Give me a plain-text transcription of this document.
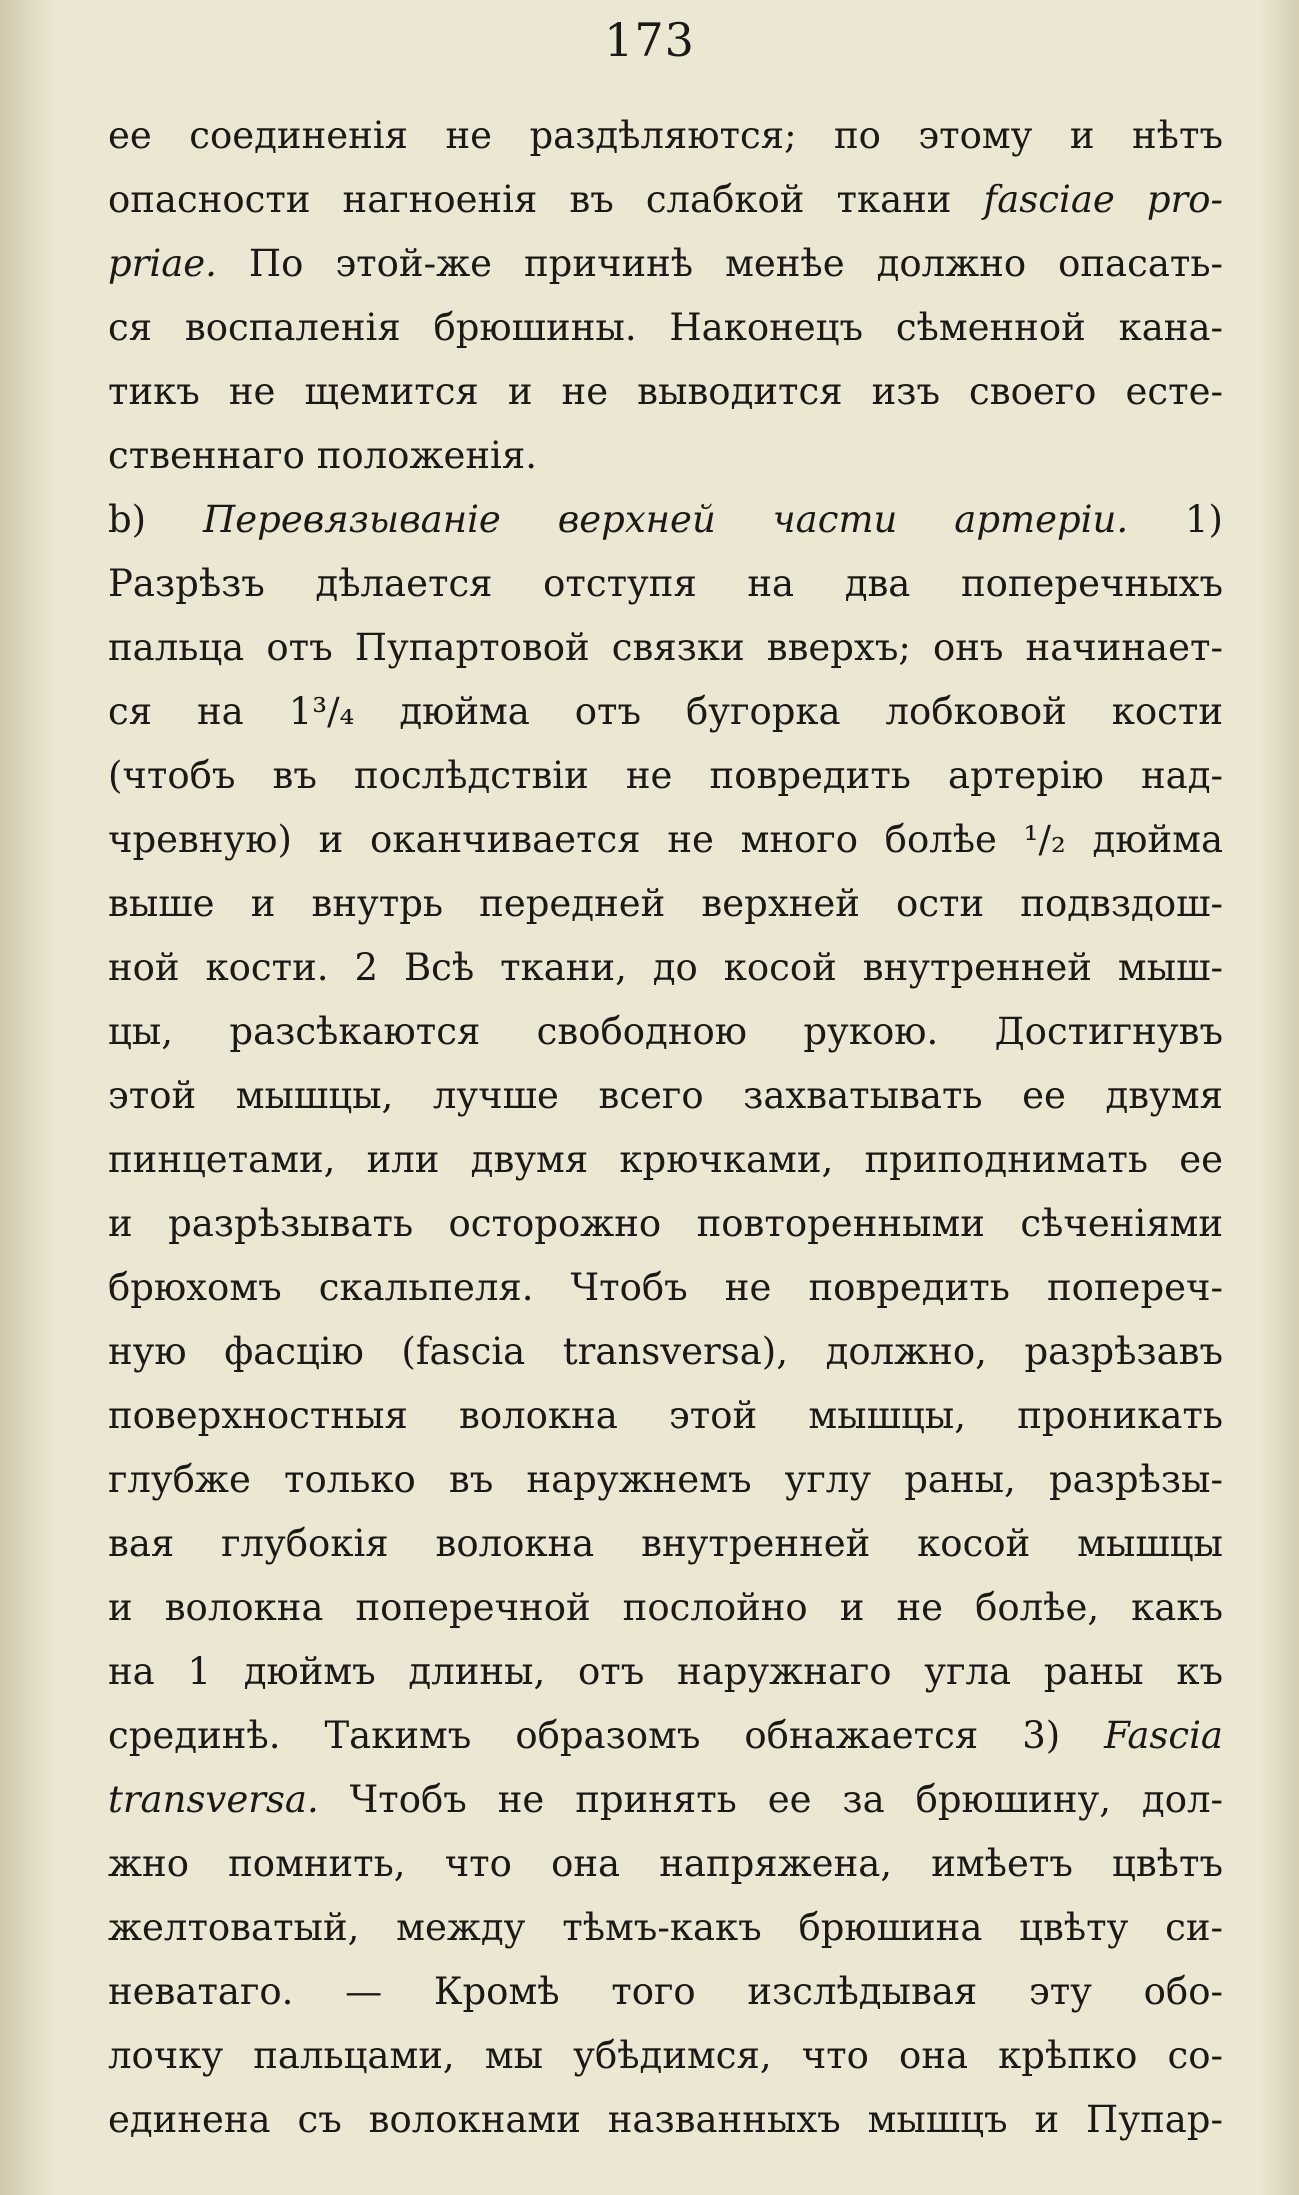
173
ее соединенія не раздѣляются; по этому и нѣтъ
опасности нагноенія въ слабкой ткани fasciae pro-
priae. По этой-же причинѣ менѣе должно опасать-
ся воспаленія брюшины. Наконецъ сѣменной кана-
тикъ не щемится и не выводится изъ своего есте-
ственнаго положенія.
b) Перевязываніе верхней части артеріи. 1)
Разрѣзъ дѣлается отступя на два поперечныхъ
пальца отъ Пупартовой связки вверхъ; онъ начинает-
ся на 1³/₄ дюйма отъ бугорка лобковой кости
(чтобъ въ послѣдствіи не повредить артерію над-
чревную) и оканчивается не много болѣе ¹/₂ дюйма
выше и внутрь передней верхней ости подвздош-
ной кости. 2 Всѣ ткани, до косой внутренней мыш-
цы, разсѣкаются свободною рукою. Достигнувъ
этой мышцы, лучше всего захватывать ее двумя
пинцетами, или двумя крючками, приподнимать ее
и разрѣзывать осторожно повторенными сѣченіями
брюхомъ скальпеля. Чтобъ не повредить попереч-
ную фасцію (fascia transversa), должно, разрѣзавъ
поверхностныя волокна этой мышцы, проникать
глубже только въ наружнемъ углу раны, разрѣзы-
вая глубокія волокна внутренней косой мышцы
и волокна поперечной послойно и не болѣе, какъ
на 1 дюймъ длины, отъ наружнаго угла раны къ
срединѣ. Такимъ образомъ обнажается 3) Fascia
transversa. Чтобъ не принять ее за брюшину, дол-
жно помнить, что она напряжена, имѣетъ цвѣтъ
желтоватый, между тѣмъ-какъ брюшина цвѣту си-
неватаго. — Кромѣ того изслѣдывая эту обо-
лочку пальцами, мы убѣдимся, что она крѣпко со-
единена съ волокнами названныхъ мышцъ и Пупар-
